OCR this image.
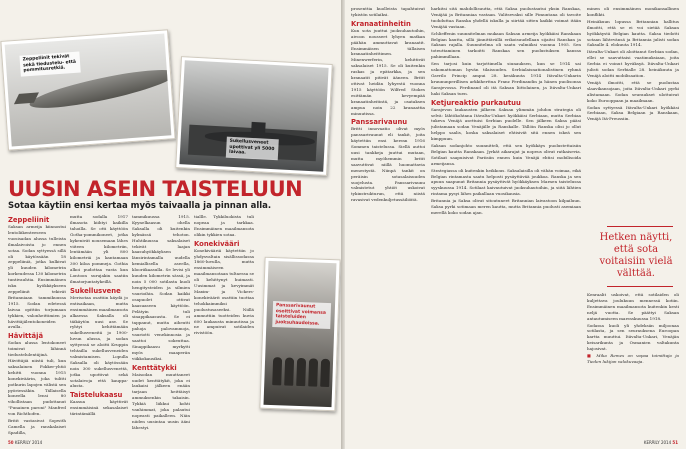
Zeppeliinit tekivät sekä tiedustelu- että pommitusretkiä.
Sukellusveneet upottivat yli 5000 laivaa.
UUSIN ASEIN TAISTELUUN
Sotaa käytiin ensi kertaa myös taivaalla ja pinnan alla.
Zeppeliinit

Saksan armeija kiinnostui lentoliikenteeseen vuosisadan alussa tulleista ilmalaivoista jo ennen sotaa. Sodan syttyessä sillä oli käytössään 18 zeppeliiniä, jotka kulkivat yli kuuden kilometrin korkeudessa 130 kilometrin tuntivauhtia. Ensimmäinen isku hyökkäykseen zeppeliinit tekivät Britanniaan tammikuussa 1915. Sodan edetessä laivaa opittiin torjumaan tykkien, valonheittimien ja hävittäjälentokoneiden avulla.

Hävittäjä

Sodan alussa lentokoneet toimivat lähinnä tiedustelulentäjinä. Hävittäjiä niistä tuli, kun saksalainen Fokker-yhtiö kehitti vuonna 1915 konekiväärin, joka tulitti potkurin lapojen välistä sen pyöriessäkin. Tällaisella koneella lensi 80 vihollistaan pudottanut "Punainen paroni" Manfred von Richthofen.

Britit vastasivat Sopwith Camella ja ranskalaiset Spadilla,

mutta sodalla 1917 ilmasota kiihtyi kaikilla tahoilla. Se otti käyttöön Gotha-pommikoneet, jotka kykenivät nousemaan lähes viiteen kilometriin, lentämään yli 800 kilometriä ja kantamaan 300 kiloa pommeja. Gothia alkoi pudottaa vasta kun Lontoon surujakin saatiin ilmatorjuntatykeillä.

Sukellusvene

Merisotaa osattiin käydä jo entisaikaan, mutta ensimmäinen maailmansota alkaessa Saksalla oli täikäytön uusi ase. Se ryhtyi kehittämään sukellusveneitä jo 1900-luvun alussa, ja sodan syttyessä se aloitti Kruppin tehtailla sukellusveneiden valmistamisen. Lopulla Saksalla oli käytössään noin 300 sukellusvenettä, jotka upottivat sekä sotalaivoja että kauppa-alusta.

Taistelukaasu

Kaasua käyttivät ensimmäisinä sekasalaiset tärintämällä

tammikuussa 1915. Kyynelkaasun ohella Saksalla oli kuitenkin kylmässä tehoton. Huhtikuussa saksalaiset tekivät laajan kaasuhyökkäyksen länsirintamalla uudella kemiallisella aseella, klooriikaasulla. Se levisi yli kuuden kilometrin sässä, ja noin 5 000 sotilasta kuoli hengitysteiden ja silmien vaurioihin. Sodan kaikki osapuolet ottivat kaasuaseen käyttöön. Pelätyin tuli sinappikaasusta. Se ei tappanut, mutta aiheutti pahoja palovammoja, vauriotti venekinnosia ja saattoi sokeuttaa. Sinappikaasu myrkytti myös maaperän viikkokausiksi.

Kenttätykki

Maisodan muuttaneet uudet kenttätykit, joka ei laukaisi jälkeen enään tarjaan heittäisyt ammuksenkin takaisin. Tykkiä liikkui kohti vanhimmat, joka palautui nopeasti paikalleen. Näin niiden uusintaa uusin ääni lähestyi.

tiallle. Tykkiluokista tuli nopeaa ja tarkkaa. Ensimmäinen maailmansota olikin tykkien sotaa.

Konekivääri

Konekivääriä käytettiin jo yhdysvaltain sisällissodassa 1860-luvulla, mutta ensimmäiseen maailmansotaan tultaessa se oli kehittynyt huimasti. Uusimmat ja kevyimmät Maxim- ja Vickers-konekiväärit osattiin tuottaa tehokkaimmiksi puolustusaseeksi. Niillä ammuttiin tuotteiden kuvia 600 laukausta minuutissa ja ne ampuivat sotilaiden rivistöön.

Panssarivaunut osoittivat voimansa taisteluiden juoksuhaudoissa.
50 KERÄILY 2014

prosenttia kuolleista tapahtuivat tykistön sotilaiksi.

Kranaatinheitin

Kun sota juuttui juoksuhautoihin, aivoon nousseet lyhyen matkan päähän ammuttavat kranaatit. Ensimmäisen tällaisen kranaatinheittimen. Minenwerferin, kehittivät saksalaiset 1915. Se oli kuitenkin raskas ja epätarkka, ja sen kranaatit pitivät ääneen. Britit ottivat heidän lyhyestä vuonna 1915 käyttöön Wilfred Stokes esittämän kevyempää kranaatinheitintä, ja osataksen ampua noin 22 kranaattia minuutissa.

Panssarivaunu

Britti innovaatio olivat myös panssarivaunut eli tankit, joita käytettiin ensi kerran 1916 Sommen taistelussa. Siellä auttoi uusi tankkeja juuttui mutaan, mutta myöhemmin britit saavuttivat niillä huomattavia menestystä. Niinpä tankit on peräisin sotasalaisuuden suojelusta. Panssarivaunu valmistetut yhtiöt uskoivat tykinstrukturun, että niistä ravasivat vedenkuljetussäiliöitä.

harkitsi sitä mahdollisuutta, että Saksa puolustautui yksin Ranskaa, Venäjää ja Britanniaa vastaan. Valitsevaksi sille Pimuntana oli tavoite tuohduttaa Ranska yhdellä iskulla ja siirtää sitten kaikki voimat itään Venäjää vastaan.

Schlieffenin suunnitelman mukaan Saksan armeija hyökkäisi Ranskaan Belgian kautta, sillä jännittävällä erikoisuudellaan sijaitsi Ranskan ja Saksan rajalla. Suunnitelma oli saatu valmiiksi vuonna 1905. Sen toteuttaminen tarkoitti Ranskaa sen puolustuksen kanssa pahimmillaan.

Sen tarjosi kuin tarjottimella siunauksen, kun se 1914 sai uskomattoman hyvän tilaisuuden. Serbialaisnationalistinen ryhmä Gavrilo Princip ampui 28. kesäkuuta 1914 Itävalta-Unkarin kruununperillisen arkkiherttua Franz Ferdinandin ja hänen puolisonsa Sarajevossa. Ferdinand oli itä Saksan liittolainen, ja Itävalta-Unkari haki Saksan tuen.

Ketjureaktio purkautuu

Sarajevon laukausten jälkeen Saksan ylimmän johdon strategia oli selvä: lähtökohtana Itävalta-Unkari hyökkäisi Serbiaan, mutta Serbiaa tukeva Venäjä asettuisi Serbian puolelle. Sen jälkeen Saksa pääsi julistamaan sodan Venäjälle ja Ranskalle. Tällöin Ranska olisi jo ollut helppo saalis, koska saksalaiset ehtisivät sitä ennen iskeä sen kimppuun.

Saksan sodanjohto suunnitteli, että sen hyökkäys puolustettaisiin Belgian kautta Ranskaan. Jyrkät aikarajat ja nopeus olivat ratkaisevia. Sotilaat saapuisivat Pariisiin ennen kuin Venäjä ehtisi mobilisoida armeijansa.

Strategiassa oli kuitenkin heikkous. Saksalaisilla oli vähän voimaa, eikä Belgian rintamasta saatu helposti pysäyttävää joukkoa. Ranska ja sen apuun saapunut Britannia pysäyttivät hyökkäyksen Marnen taistelussa syyskuussa 1914. Sotilaat kaivautuivat juoksuhautoihin, ja siitä lähtien rintama pysyi lähes paikallaan vuosikausia.

Britannia ja Saksa olivat sitoutuneet Britannian laivastoon kilpailuun. Saksa pyrki sotimaan meren kautta, mutta Britannia puolusti asemiaan merellä koko sodan ajan.

minen oli ensimmäinen monikansallinen konflikti.

Heinäkuun lopussa Britannian hallitus ilmoitti, että se ei voi sietää Saksan hyökkäystä Belgian kautta. Saksa tiedotti sotaan lähtevänsä ja Britannia julisti sodan Saksalle 4. elokuuta 1914.

Itävalta-Unkari oli aloittanut Serbian sodan, ellei se saavuttaisi vaatimuksiaan, joita Serbia ei voinut hyväksyä. Itävalta-Unkari julisti sodan Serbialle 28. heinäkuuta ja Venäjä aloitti mobilisaation.

Venäjä ilmoitti, että se puolustaa slaavikansojaan, joita Itävalta-Unkari pyrki alistamaan. Sodan seuraukset ulottuivat koko Eurooppaan ja maailmaan.

Sodan syttyessä Itävalta-Unkari hyökkäsi Serbiaan, Saksa Belgiaan ja Ranskaan, Venäjä Itä-Preussiin.

Hetken näytti, että sota voitaisiin vielä välttää.

Kenraalit uskoivat, että sotilaiden oli kuljettava joulukuun mennessä kotiin. Ensimmäinen maailmansota kuitenkin kesti neljä vuotta. Se päättyi Saksan antautumiseen marraskuussa 1918.

Sodassa kuoli yli yhdeksän miljoonaa sotilasta, ja sen seurauksena Euroopan kartta muuttui. Itävalta-Unkari, Venäjän keisarikunta ja Osmanien valtakunta hajosivat.

■ Mika Remes on vapaa toimittaja ja Tieden lukijan valokuvaaja.

KERÄILY 2014 51
